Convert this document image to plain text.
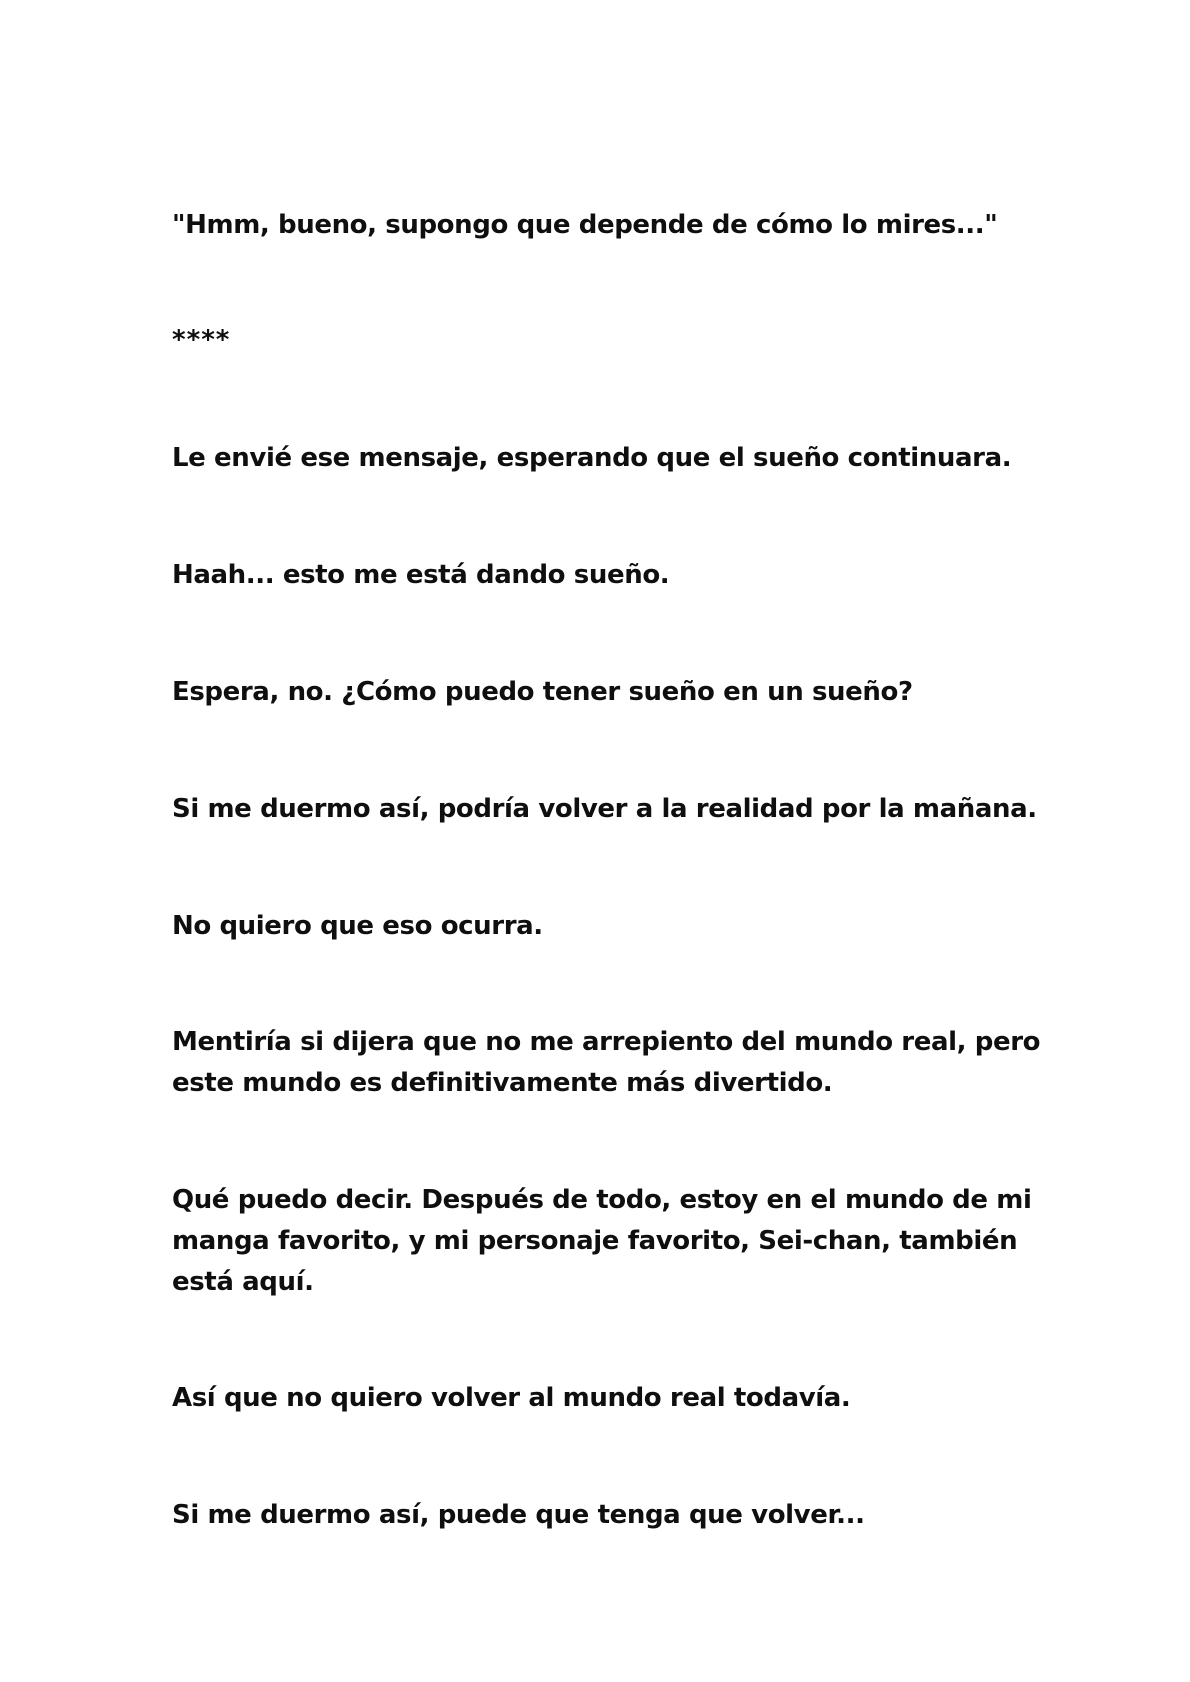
"Hmm, bueno, supongo que depende de cómo lo mires..."

****

Le envié ese mensaje, esperando que el sueño continuara.

Haah... esto me está dando sueño.

Espera, no. ¿Cómo puedo tener sueño en un sueño?

Si me duermo así, podría volver a la realidad por la mañana.

No quiero que eso ocurra.

Mentiría si dijera que no me arrepiento del mundo real, pero este mundo es definitivamente más divertido.

Qué puedo decir. Después de todo, estoy en el mundo de mi manga favorito, y mi personaje favorito, Sei-chan, también está aquí.

Así que no quiero volver al mundo real todavía.

Si me duermo así, puede que tenga que volver...
